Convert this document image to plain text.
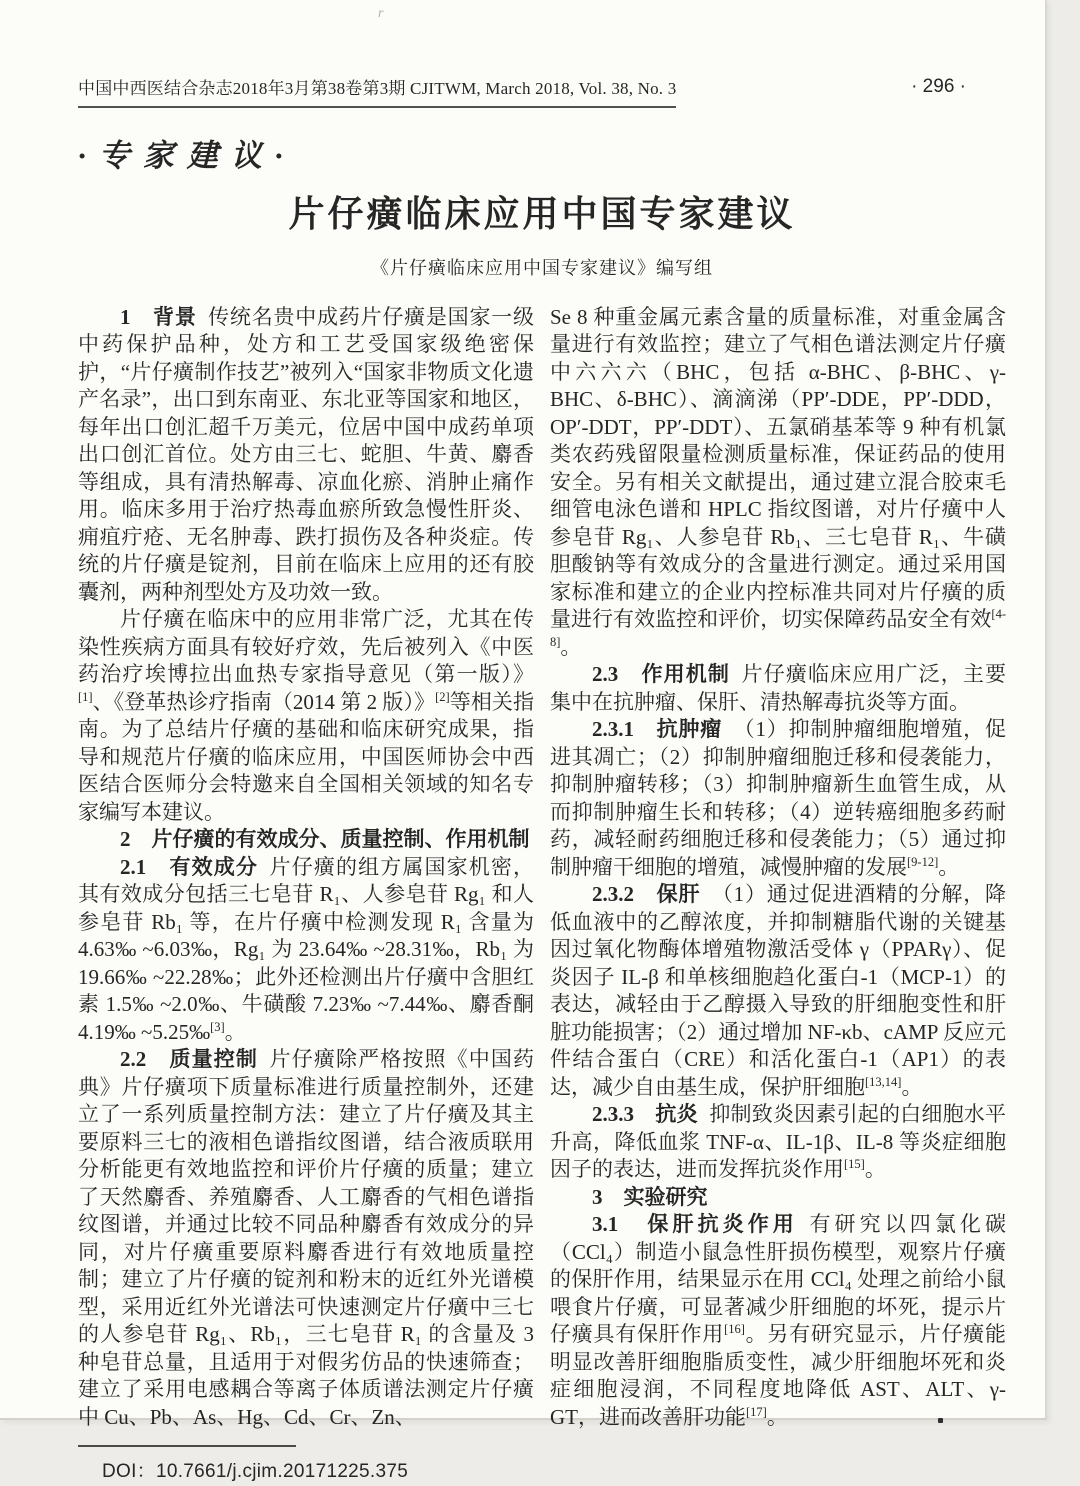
中国中西医结合杂志2018年3月第38卷第3期 CJITWM, March 2018, Vol. 38, No. 3	· 296 ·
·专家建议·
片仔癀临床应用中国专家建议
《片仔癀临床应用中国专家建议》编写组

1　背景 传统名贵中成药片仔癀是国家一级中药保护品种，处方和工艺受国家级绝密保护，“片仔癀制作技艺”被列入“国家非物质文化遗产名录”，出口到东南亚、东北亚等国家和地区，每年出口创汇超千万美元，位居中国中成药单项出口创汇首位。处方由三七、蛇胆、牛黄、麝香等组成，具有清热解毒、凉血化瘀、消肿止痛作用。临床多用于治疗热毒血瘀所致急慢性肝炎、痈疽疔疮、无名肿毒、跌打损伤及各种炎症。传统的片仔癀是锭剂，目前在临床上应用的还有胶囊剂，两种剂型处方及功效一致。

片仔癀在临床中的应用非常广泛，尤其在传染性疾病方面具有较好疗效，先后被列入《中医药治疗埃博拉出血热专家指导意见（第一版）》[1]、《登革热诊疗指南（2014 第 2 版）》[2]等相关指南。为了总结片仔癀的基础和临床研究成果，指导和规范片仔癀的临床应用，中国医师协会中西医结合医师分会特邀来自全国相关领域的知名专家编写本建议。

2　片仔癀的有效成分、质量控制、作用机制

2.1　有效成分 片仔癀的组方属国家机密，其有效成分包括三七皂苷 R₁、人参皂苷 Rg₁ 和人参皂苷 Rb₁ 等，在片仔癀中检测发现 R₁ 含量为 4.63‰ ~6.03‰，Rg₁ 为 23.64‰ ~28.31‰，Rb₁ 为 19.66‰ ~22.28‰；此外还检测出片仔癀中含胆红素 1.5‰ ~2.0‰、牛磺酸 7.23‰ ~7.44‰、麝香酮 4.19‰ ~5.25‰[3]。

2.2　质量控制 片仔癀除严格按照《中国药典》片仔癀项下质量标准进行质量控制外，还建立了一系列质量控制方法：建立了片仔癀及其主要原料三七的液相色谱指纹图谱，结合液质联用分析能更有效地监控和评价片仔癀的质量；建立了天然麝香、养殖麝香、人工麝香的气相色谱指纹图谱，并通过比较不同品种麝香有效成分的异同，对片仔癀重要原料麝香进行有效地质量控制；建立了片仔癀的锭剂和粉末的近红外光谱模型，采用近红外光谱法可快速测定片仔癀中三七的人参皂苷 Rg₁、Rb₁，三七皂苷 R₁ 的含量及 3 种皂苷总量，且适用于对假劣仿品的快速筛查；建立了采用电感耦合等离子体质谱法测定片仔癀中 Cu、Pb、As、Hg、Cd、Cr、Zn、

DOI：10.7661/j.cjim.20171225.375

Se 8 种重金属元素含量的质量标准，对重金属含量进行有效监控；建立了气相色谱法测定片仔癀中六六六（BHC，包括 α-BHC、β-BHC、γ-BHC、δ-BHC）、滴滴涕（PP′-DDE，PP′-DDD，OP′-DDT，PP′-DDT）、五氯硝基苯等 9 种有机氯类农药残留限量检测质量标准，保证药品的使用安全。另有相关文献提出，通过建立混合胶束毛细管电泳色谱和 HPLC 指纹图谱，对片仔癀中人参皂苷 Rg₁、人参皂苷 Rb₁、三七皂苷 R₁、牛磺胆酸钠等有效成分的含量进行测定。通过采用国家标准和建立的企业内控标准共同对片仔癀的质量进行有效监控和评价，切实保障药品安全有效[4-8]。

2.3　作用机制 片仔癀临床应用广泛，主要集中在抗肿瘤、保肝、清热解毒抗炎等方面。

2.3.1　抗肿瘤 （1）抑制肿瘤细胞增殖，促进其凋亡；（2）抑制肿瘤细胞迁移和侵袭能力，抑制肿瘤转移；（3）抑制肿瘤新生血管生成，从而抑制肿瘤生长和转移；（4）逆转癌细胞多药耐药，减轻耐药细胞迁移和侵袭能力；（5）通过抑制肿瘤干细胞的增殖，减慢肿瘤的发展[9-12]。

2.3.2　保肝 （1）通过促进酒精的分解，降低血液中的乙醇浓度，并抑制糖脂代谢的关键基因过氧化物酶体增殖物激活受体 γ（PPARγ）、促炎因子 IL-β 和单核细胞趋化蛋白-1（MCP-1）的表达，减轻由于乙醇摄入导致的肝细胞变性和肝脏功能损害；（2）通过增加 NF-κb、cAMP 反应元件结合蛋白（CRE）和活化蛋白-1（AP1）的表达，减少自由基生成，保护肝细胞[13,14]。

2.3.3　抗炎 抑制致炎因素引起的白细胞水平升高，降低血浆 TNF-α、IL-1β、IL-8 等炎症细胞因子的表达，进而发挥抗炎作用[15]。

3　实验研究

3.1　保肝抗炎作用 有研究以四氯化碳（CCl₄）制造小鼠急性肝损伤模型，观察片仔癀的保肝作用，结果显示在用 CCl₄ 处理之前给小鼠喂食片仔癀，可显著减少肝细胞的坏死，提示片仔癀具有保肝作用[16]。另有研究显示，片仔癀能明显改善肝细胞脂质变性，减少肝细胞坏死和炎症细胞浸润，不同程度地降低 AST、ALT、γ-GT，进而改善肝功能[17]。

r
